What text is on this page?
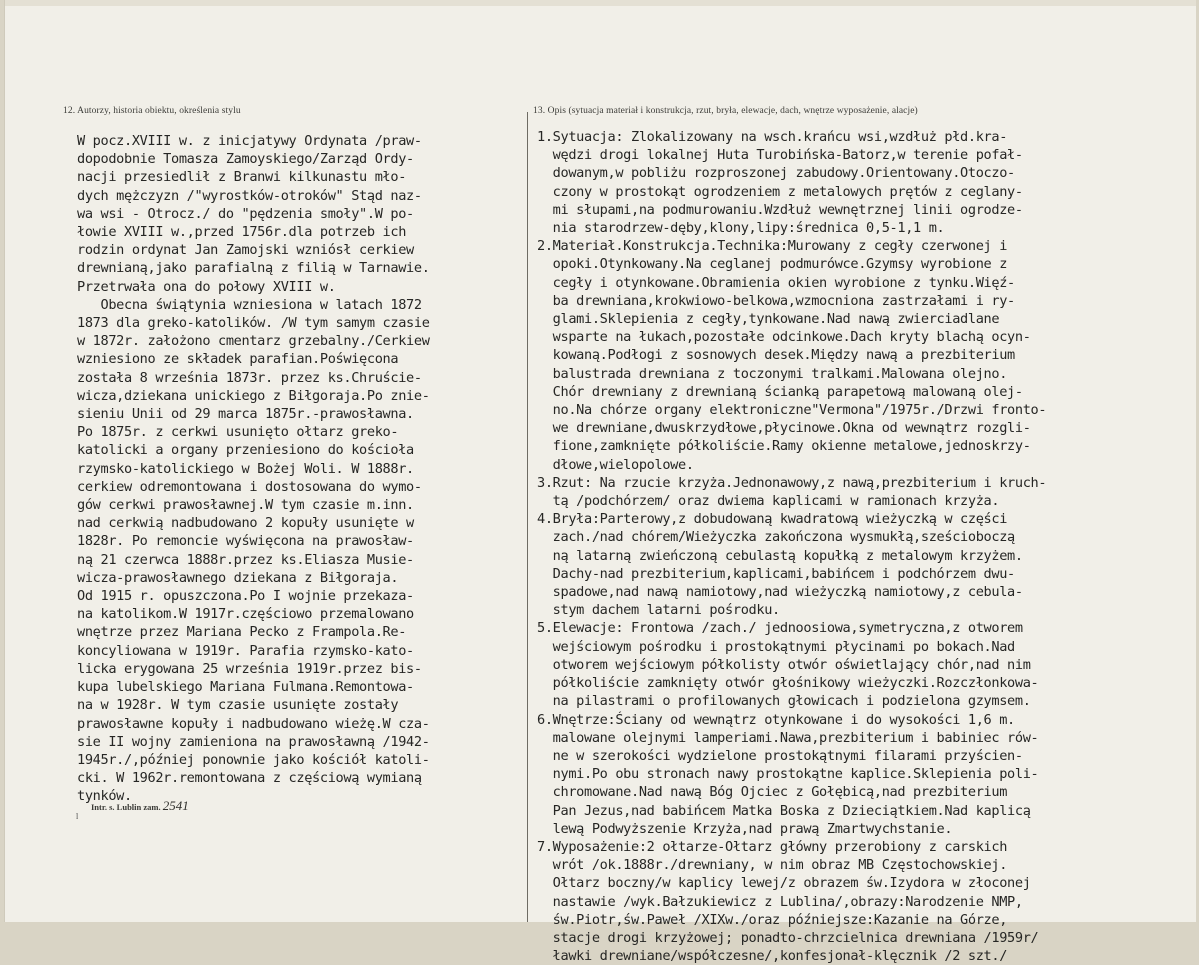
12. Autorzy, historia obiektu, określenia stylu	13. Opis (sytuacja materiał i konstrukcja, rzut, bryła, elewacje, dach, wnętrze wyposażenie, alacje)
W pocz.XVIII w. z inicjatywy Ordynata /praw-
dopodobnie Tomasza Zamoyskiego/Zarząd Ordy-
nacji przesiedlił z Branwi kilkunastu mło-
dych mężczyzn /"wyrostków-otroków" Stąd naz-
wa wsi - Otrocz./ do "pędzenia smoły".W po-
łowie XVIII w.,przed 1756r.dla potrzeb ich
rodzin ordynat Jan Zamojski wzniósł cerkiew
drewnianą,jako parafialną z filią w Tarnawie.
Przetrwała ona do połowy XVIII w.
Obecna świątynia wzniesiona w latach 1872
1873 dla greko-katolików. /W tym samym czasie
w 1872r. założono cmentarz grzebalny./Cerkiew
wzniesiono ze składek parafian.Poświęcona
została 8 września 1873r. przez ks.Chruście-
wicza,dziekana unickiego z Biłgoraja.Po znie-
sieniu Unii od 29 marca 1875r.-prawosławna.
Po 1875r. z cerkwi usunięto ołtarz greko-
katolicki a organy przeniesiono do kościoła
rzymsko-katolickiego w Bożej Woli. W 1888r.
cerkiew odremontowana i dostosowana do wymo-
gów cerkwi prawosławnej.W tym czasie m.inn.
nad cerkwią nadbudowano 2 kopuły usunięte w
1828r. Po remoncie wyświęcona na prawosław-
ną 21 czerwca 1888r.przez ks.Eliasza Musie-
wicza-prawosławnego dziekana z Biłgoraja.
Od 1915 r. opuszczona.Po I wojnie przekaza-
na katolikom.W 1917r.częściowo przemalowano
wnętrze przez Mariana Pecko z Frampola.Re-
koncyliowana w 1919r. Parafia rzymsko-kato-
licka erygowana 25 września 1919r.przez bis-
kupa lubelskiego Mariana Fulmana.Remontowa-
na w 1928r. W tym czasie usunięte zostały
prawosławne kopuły i nadbudowano wieżę.W cza-
sie II wojny zamieniona na prawosławną /1942-
1945r./,później ponownie jako kościół katoli-
cki. W 1962r.remontowana z częściową wymianą
tynków.
1.Sytuacja: Zlokalizowany na wsch.krańcu wsi,wzdłuż płd.kra-
wędzi drogi lokalnej Huta Turobińska-Batorz,w terenie pofał-
dowanym,w pobliżu rozproszonej zabudowy.Orientowany.Otoczo-
czony w prostokąt ogrodzeniem z metalowych prętów z ceglany-
mi słupami,na podmurowaniu.Wzdłuż wewnętrznej linii ogrodze-
nia starodrzew-dęby,klony,lipy:średnica 0,5-1,1 m.
2.Materiał.Konstrukcja.Technika:Murowany z cegły czerwonej i
opoki.Otynkowany.Na ceglanej podmurówce.Gzymsy wyrobione z
cegły i otynkowane.Obramienia okien wyrobione z tynku.Więź-
ba drewniana,krokwiowo-belkowa,wzmocniona zastrzałami i ry-
glami.Sklepienia z cegły,tynkowane.Nad nawą zwierciadlane
wsparte na łukach,pozostałe odcinkowe.Dach kryty blachą ocyn-
kowaną.Podłogi z sosnowych desek.Między nawą a prezbiterium
balustrada drewniana z toczonymi tralkami.Malowana olejno.
Chór drewniany z drewnianą ścianką parapetową malowaną olej-
no.Na chórze organy elektroniczne"Vermona"/1975r./Drzwi fronto-
we drewniane,dwuskrzydłowe,płycinowe.Okna od wewnątrz rozgli-
fione,zamknięte półkoliście.Ramy okienne metalowe,jednoskrzy-
dłowe,wielopolowe.
3.Rzut: Na rzucie krzyża.Jednonawowy,z nawą,prezbiterium i kruch-
tą /podchórzem/ oraz dwiema kaplicami w ramionach krzyża.
4.Bryła:Parterowy,z dobudowaną kwadratową wieżyczką w części
zach./nad chórem/Wieżyczka zakończona wysmukłą,sześcioboczą
ną latarną zwieńczoną cebulastą kopułką z metalowym krzyżem.
Dachy-nad prezbiterium,kaplicami,babińcem i podchórzem dwu-
spadowe,nad nawą namiotowy,nad wieżyczką namiotowy,z cebula-
stym dachem latarni pośrodku.
5.Elewacje: Frontowa /zach./ jednoosiowa,symetryczna,z otworem
wejściowym pośrodku i prostokątnymi płycinami po bokach.Nad
otworem wejściowym półkolisty otwór oświetlający chór,nad nim
półkoliście zamknięty otwór głośnikowy wieżyczki.Rozczłonkowa-
na pilastrami o profilowanych głowicach i podzielona gzymsem.
6.Wnętrze:Ściany od wewnątrz otynkowane i do wysokości 1,6 m.
malowane olejnymi lamperiami.Nawa,prezbiterium i babiniec rów-
ne w szerokości wydzielone prostokątnymi filarami przyścien-
nymi.Po obu stronach nawy prostokątne kaplice.Sklepienia poli-
chromowane.Nad nawą Bóg Ojciec z Gołębicą,nad prezbiterium
Pan Jezus,nad babińcem Matka Boska z Dzieciątkiem.Nad kaplicą
lewą Podwyższenie Krzyża,nad prawą Zmartwychstanie.
7.Wyposażenie:2 ołtarze-Ołtarz główny przerobiony z carskich
wrót /ok.1888r./drewniany, w nim obraz MB Częstochowskiej.
Ołtarz boczny/w kaplicy lewej/z obrazem św.Izydora w złoconej
nastawie /wyk.Bałzukiewicz z Lublina/,obrazy:Narodzenie NMP,
św.Piotr,św.Paweł /XIXw./oraz późniejsze:Kazanie na Górze,
stacje drogi krzyżowej; ponadto-chrzcielnica drewniana /1959r/
ławki drewniane/współczesne/,konfesjonał-klęcznik /2 szt./
Intr. s. Lublin zam. 2541
l
